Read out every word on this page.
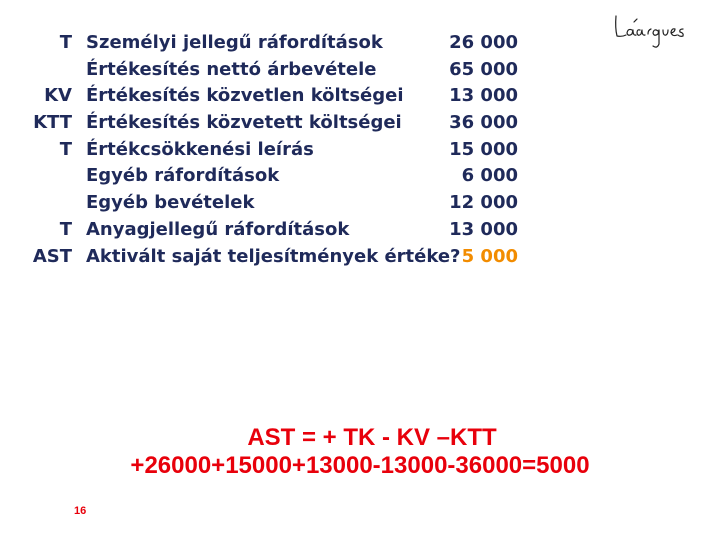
T Személyi jellegű ráfordítások	26 000
Értékesítés nettó árbevétele	65 000
KV Értékesítés közvetlen költségei	13 000
KTT Értékesítés közvetett költségei	36 000
T Értékcsökkenési leírás	15 000
Egyéb ráfordítások	6 000
Egyéb bevételek	12 000
T Anyagjellegű ráfordítások	13 000
AST Aktivált saját teljesítmények értéke? 5 000
AST = + TK - KV –KTT
+26000+15000+13000-13000-36000=5000
16
